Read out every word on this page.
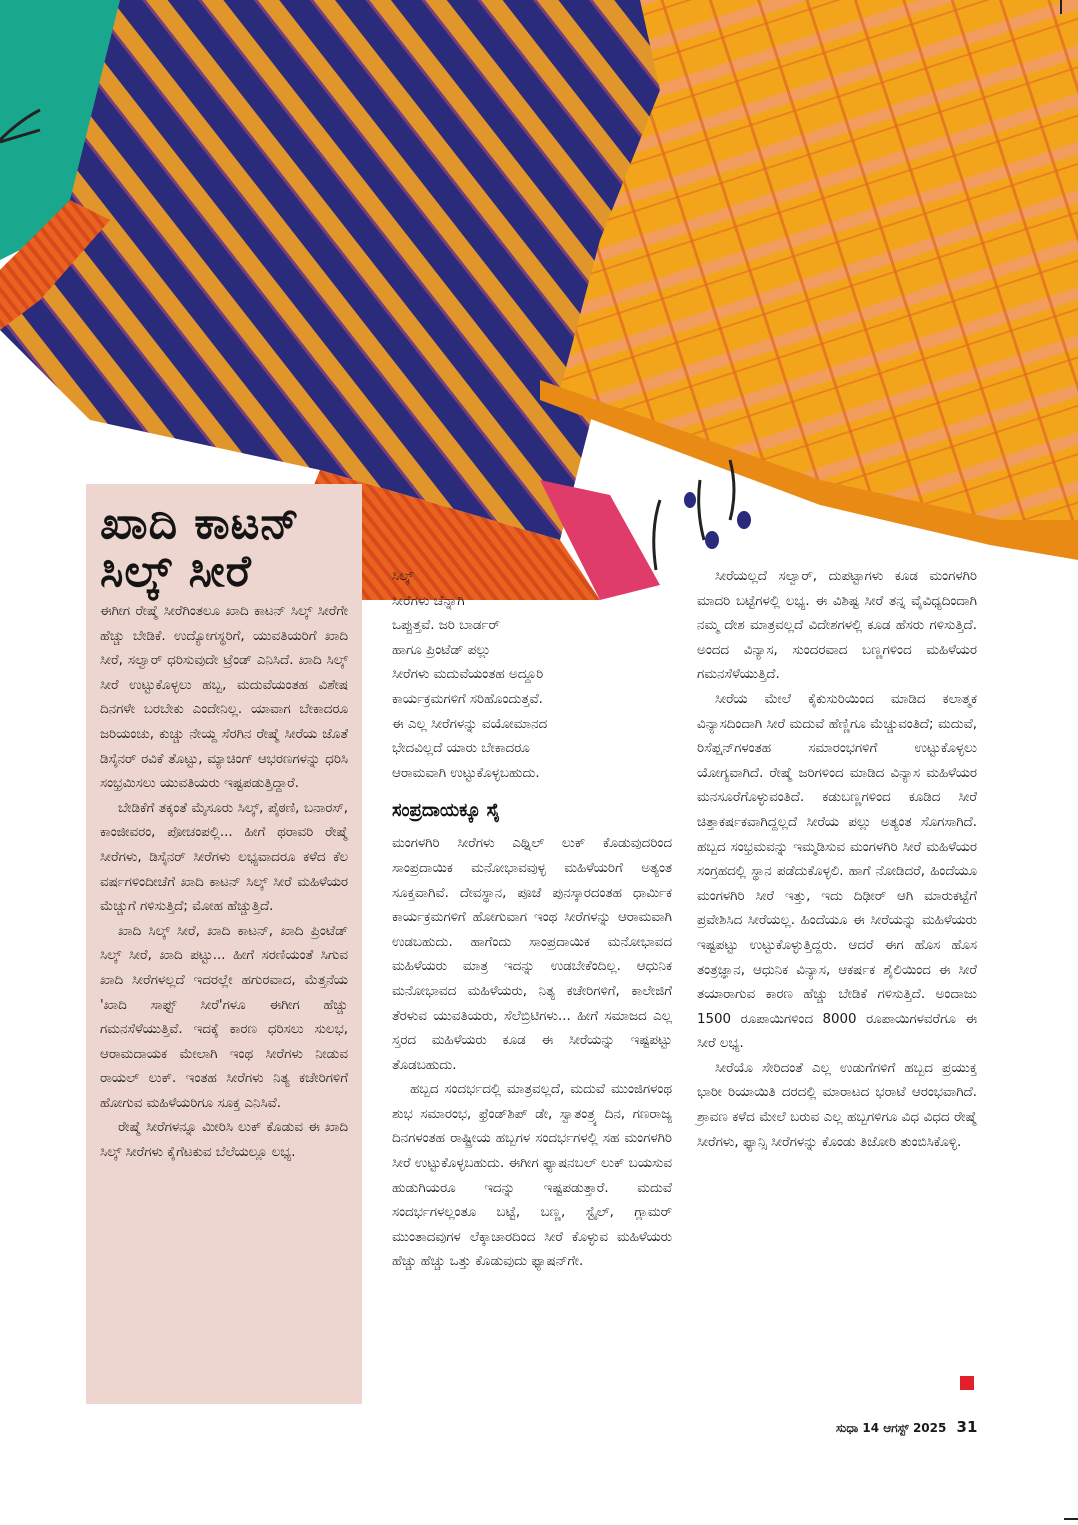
ಖಾದಿ ಕಾಟನ್
ಸಿಲ್ಕ್ ಸೀರೆ

ಈಗೀಗ ರೇಷ್ಮೆ ಸೀರೆಗಿಂತಲೂ ಖಾದಿ ಕಾಟನ್ ಸಿಲ್ಕ್ ಸೀರೆಗೇ ಹೆಚ್ಚು ಬೇಡಿಕೆ. ಉದ್ಯೋಗಸ್ಥರಿಗೆ, ಯುವತಿಯರಿಗೆ ಖಾದಿ ಸೀರೆ, ಸಲ್ವಾರ್ ಧರಿಸುವುದೇ ಟ್ರೆಂಡ್ ಎನಿಸಿದೆ. ಖಾದಿ ಸಿಲ್ಕ್ ಸೀರೆ ಉಟ್ಟುಕೊಳ್ಳಲು ಹಬ್ಬ, ಮದುವೆಯಂತಹ ವಿಶೇಷ ದಿನಗಳೇ ಬರಬೇಕು ಎಂದೇನಿಲ್ಲ. ಯಾವಾಗ ಬೇಕಾದರೂ ಜರಿಯಂಚು, ಕುಚ್ಚು ನೇಯ್ದ ಸೆರಗಿನ ರೇಷ್ಮೆ ಸೀರೆಯ ಜೊತೆ ಡಿಸೈನರ್ ರವಿಕೆ ತೊಟ್ಟು, ಮ್ಯಾಚಿಂಗ್ ಆಭರಣಗಳನ್ನು ಧರಿಸಿ ಸಂಭ್ರಮಿಸಲು ಯುವತಿಯರು ಇಷ್ಟಪಡುತ್ತಿದ್ದಾರೆ.

ಬೇಡಿಕೆಗೆ ತಕ್ಕಂತೆ ಮೈಸೂರು ಸಿಲ್ಕ್, ಪೈಠಣಿ, ಬನಾರಸ್, ಕಾಂಜೀವರಂ, ಪೋಚಂಪಲ್ಲಿ... ಹೀಗೆ ಥರಾವರಿ ರೇಷ್ಮೆ ಸೀರೆಗಳು, ಡಿಸೈನರ್ ಸೀರೆಗಳು ಲಭ್ಯವಾದರೂ ಕಳೆದ ಕೆಲ ವರ್ಷಗಳಿಂದೀಚೆಗೆ ಖಾದಿ ಕಾಟನ್ ಸಿಲ್ಕ್ ಸೀರೆ ಮಹಿಳೆಯರ ಮೆಚ್ಚುಗೆ ಗಳಿಸುತ್ತಿದೆ; ಮೋಹ ಹೆಚ್ಚುತ್ತಿದೆ.

ಖಾದಿ ಸಿಲ್ಕ್ ಸೀರೆ, ಖಾದಿ ಕಾಟನ್, ಖಾದಿ ಪ್ರಿಂಟೆಡ್ ಸಿಲ್ಕ್ ಸೀರೆ, ಖಾದಿ ಪಟ್ಟು... ಹೀಗೆ ಸರಣಿಯಂತೆ ಸಿಗುವ ಖಾದಿ ಸೀರೆಗಳಲ್ಲದೆ ಇದರಲ್ಲೇ ಹಗುರವಾದ, ಮೆತ್ತನೆಯ 'ಖಾದಿ ಸಾಫ್ಟ್ ಸೀರೆ'ಗಳೂ ಈಗೀಗ ಹೆಚ್ಚು ಗಮನಸೆಳೆಯುತ್ತಿವೆ. ಇದಕ್ಕೆ ಕಾರಣ ಧರಿಸಲು ಸುಲಭ, ಆರಾಮದಾಯಕ ಮೇಲಾಗಿ ಇಂಥ ಸೀರೆಗಳು ನೀಡುವ ರಾಯಲ್ ಲುಕ್. ಇಂತಹ ಸೀರೆಗಳು ನಿತ್ಯ ಕಚೇರಿಗಳಿಗೆ ಹೋಗುವ ಮಹಿಳೆಯರಿಗೂ ಸೂಕ್ತ ಎನಿಸಿವೆ.

ರೇಷ್ಮೆ ಸೀರೆಗಳನ್ನೂ ಮೀರಿಸಿ ಲುಕ್ ಕೊಡುವ ಈ ಖಾದಿ ಸಿಲ್ಕ್ ಸೀರೆಗಳು ಕೈಗೆಟಕುವ ಬೆಲೆಯಲ್ಲೂ ಲಭ್ಯ.

ಸಿಲ್ಕ್
ಸೀರೆಗಳು ಚೆನ್ನಾಗಿ
ಒಪ್ಪುತ್ತವೆ. ಜರಿ ಬಾರ್ಡರ್
ಹಾಗೂ ಪ್ರಿಂಟೆಡ್ ಪಲ್ಲು
ಸೀರೆಗಳು ಮದುವೆಯಂತಹ ಅದ್ದೂರಿ
ಕಾರ್ಯಕ್ರಮಗಳಿಗೆ ಸರಿಹೊಂದುತ್ತವೆ.
ಈ ಎಲ್ಲ ಸೀರೆಗಳನ್ನು ವಯೋಮಾನದ
ಭೇದವಿಲ್ಲದೆ ಯಾರು ಬೇಕಾದರೂ
ಆರಾಮವಾಗಿ ಉಟ್ಟುಕೊಳ್ಳಬಹುದು.
ಸಂಪ್ರದಾಯಕ್ಕೂ ಸೈ

ಮಂಗಳಗಿರಿ ಸೀರೆಗಳು ಎಥ್ನಿಲ್ ಲುಕ್ ಕೊಡುವುದರಿಂದ ಸಾಂಪ್ರದಾಯಿಕ ಮನೋಭಾವವುಳ್ಳ ಮಹಿಳೆಯರಿಗೆ ಅತ್ಯಂತ ಸೂಕ್ತವಾಗಿವೆ. ದೇವಸ್ಥಾನ, ಪೂಜೆ ಪುನಸ್ಕಾರದಂತಹ ಧಾರ್ಮಿಕ ಕಾರ್ಯಕ್ರಮಗಳಿಗೆ ಹೋಗುವಾಗ ಇಂಥ ಸೀರೆಗಳನ್ನು ಆರಾಮವಾಗಿ ಉಡಬಹುದು. ಹಾಗೆಂದು ಸಾಂಪ್ರದಾಯಿಕ ಮನೋಭಾವದ ಮಹಿಳೆಯರು ಮಾತ್ರ ಇದನ್ನು ಉಡಬೇಕೆಂದಿಲ್ಲ. ಆಧುನಿಕ ಮನೋಭಾವದ ಮಹಿಳೆಯರು, ನಿತ್ಯ ಕಚೇರಿಗಳಿಗೆ, ಕಾಲೇಜಿಗೆ ತೆರಳುವ ಯುವತಿಯರು, ಸೆಲೆಬ್ರಿಟಿಗಳು... ಹೀಗೆ ಸಮಾಜದ ಎಲ್ಲ ಸ್ತರದ ಮಹಿಳೆಯರು ಕೂಡ ಈ ಸೀರೆಯನ್ನು ಇಷ್ಟಪಟ್ಟು ತೊಡಬಹುದು.

ಹಬ್ಬದ ಸಂದರ್ಭದಲ್ಲಿ ಮಾತ್ರವಲ್ಲದೆ, ಮದುವೆ ಮುಂಜಿಗಳಂಥ ಶುಭ ಸಮಾರಂಭ, ಫ್ರೆಂಡ್‌ಶಿಪ್ ಡೇ, ಸ್ವಾತಂತ್ರ್ಯ ದಿನ, ಗಣರಾಜ್ಯ ದಿನಗಳಂತಹ ರಾಷ್ಟ್ರೀಯ ಹಬ್ಬಗಳ ಸಂದರ್ಭಗಳಲ್ಲಿ ಸಹ ಮಂಗಳಗಿರಿ ಸೀರೆ ಉಟ್ಟುಕೊಳ್ಳಬಹುದು. ಈಗೀಗ ಫ್ಯಾಷನಬಲ್ ಲುಕ್ ಬಯಸುವ ಹುಡುಗಿಯರೂ ಇದನ್ನು ಇಷ್ಟಪಡುತ್ತಾರೆ. ಮದುವೆ ಸಂದರ್ಭಗಳಲ್ಲಂತೂ ಬಟ್ಟೆ, ಬಣ್ಣ, ಸ್ಟೈಲ್, ಗ್ಲಾಮರ್ ಮುಂತಾದವುಗಳ ಲೆಕ್ಕಾಚಾರದಿಂದ ಸೀರೆ ಕೊಳ್ಳುವ ಮಹಿಳೆಯರು ಹೆಚ್ಚು ಹೆಚ್ಚು ಒತ್ತು ಕೊಡುವುದು ಫ್ಯಾಷನ್‌ಗೇ.

ಸೀರೆಯಲ್ಲದೆ ಸಲ್ವಾರ್, ದುಪಟ್ಟಾಗಳು ಕೂಡ ಮಂಗಳಗಿರಿ ಮಾದರಿ ಬಟ್ಟೆಗಳಲ್ಲಿ ಲಭ್ಯ. ಈ ವಿಶಿಷ್ಟ ಸೀರೆ ತನ್ನ ವೈವಿಧ್ಯದಿಂದಾಗಿ ನಮ್ಮ ದೇಶ ಮಾತ್ರವಲ್ಲದೆ ವಿದೇಶಗಳಲ್ಲಿ ಕೂಡ ಹೆಸರು ಗಳಿಸುತ್ತಿದೆ. ಅಂದದ ವಿನ್ಯಾಸ, ಸುಂದರವಾದ ಬಣ್ಣಗಳಿಂದ ಮಹಿಳೆಯರ ಗಮನಸೆಳೆಯುತ್ತಿದೆ.

ಸೀರೆಯ ಮೇಲೆ ಕೈಕುಸುರಿಯಿಂದ ಮಾಡಿದ ಕಲಾತ್ಮಕ ವಿನ್ಯಾಸದಿಂದಾಗಿ ಸೀರೆ ಮದುವೆ ಹೆಣ್ಣಿಗೂ ಮೆಚ್ಚುವಂತಿದೆ; ಮದುವೆ, ರಿಸೆಪ್ಷನ್‌ಗಳಂತಹ ಸಮಾರಂಭಗಳಿಗೆ ಉಟ್ಟುಕೊಳ್ಳಲು ಯೋಗ್ಯವಾಗಿದೆ. ರೇಷ್ಮೆ ಜರಿಗಳಿಂದ ಮಾಡಿದ ವಿನ್ಯಾಸ ಮಹಿಳೆಯರ ಮನಸೂರೆಗೊಳ್ಳುವಂತಿದೆ. ಕಡುಬಣ್ಣಗಳಿಂದ ಕೂಡಿದ ಸೀರೆ ಚಿತ್ತಾಕರ್ಷಕವಾಗಿದ್ದಲ್ಲದೆ ಸೀರೆಯ ಪಲ್ಲು ಅತ್ಯಂತ ಸೊಗಸಾಗಿದೆ. ಹಬ್ಬದ ಸಂಭ್ರಮವನ್ನು ಇಮ್ಮಡಿಸುವ ಮಂಗಳಗಿರಿ ಸೀರೆ ಮಹಿಳೆಯರ ಸಂಗ್ರಹದಲ್ಲಿ ಸ್ಥಾನ ಪಡೆದುಕೊಳ್ಳಲಿ. ಹಾಗೆ ನೋಡಿದರೆ, ಹಿಂದೆಯೂ ಮಂಗಳಗಿರಿ ಸೀರೆ ಇತ್ತು, ಇದು ದಿಢೀರ್ ಆಗಿ ಮಾರುಕಟ್ಟೆಗೆ ಪ್ರವೇಶಿಸಿದ ಸೀರೆಯಲ್ಲ. ಹಿಂದೆಯೂ ಈ ಸೀರೆಯನ್ನು ಮಹಿಳೆಯರು ಇಷ್ಟಪಟ್ಟು ಉಟ್ಟುಕೊಳ್ಳುತ್ತಿದ್ದರು. ಆದರೆ ಈಗ ಹೊಸ ಹೊಸ ತಂತ್ರಜ್ಞಾನ, ಆಧುನಿಕ ವಿನ್ಯಾಸ, ಆಕರ್ಷಕ ಶೈಲಿಯಿಂದ ಈ ಸೀರೆ ತಯಾರಾಗುವ ಕಾರಣ ಹೆಚ್ಚು ಬೇಡಿಕೆ ಗಳಿಸುತ್ತಿದೆ. ಅಂದಾಜು 1500 ರೂಪಾಯಿಗಳಿಂದ 8000 ರೂಪಾಯಿಗಳವರೆಗೂ ಈ ಸೀರೆ ಲಭ್ಯ.

ಸೀರೆಯೊ ಸೇರಿದಂತೆ ಎಲ್ಲ ಉಡುಗೆಗಳಿಗೆ ಹಬ್ಬದ ಪ್ರಯುಕ್ತ ಭಾರೀ ರಿಯಾಯಿತಿ ದರದಲ್ಲಿ ಮಾರಾಟದ ಭರಾಟೆ ಆರಂಭವಾಗಿದೆ. ಶ್ರಾವಣ ಕಳೆದ ಮೇಲೆ ಬರುವ ಎಲ್ಲ ಹಬ್ಬಗಳಿಗೂ ವಿಧ ವಿಧದ ರೇಷ್ಮೆ ಸೀರೆಗಳು, ಫ್ಯಾನ್ಸಿ ಸೀರೆಗಳನ್ನು ಕೊಂಡು ತಿಜೋರಿ ತುಂಬಿಸಿಕೊಳ್ಳಿ.

ಸುಧಾ 14 ಆಗಸ್ಟ್ 2025 31
